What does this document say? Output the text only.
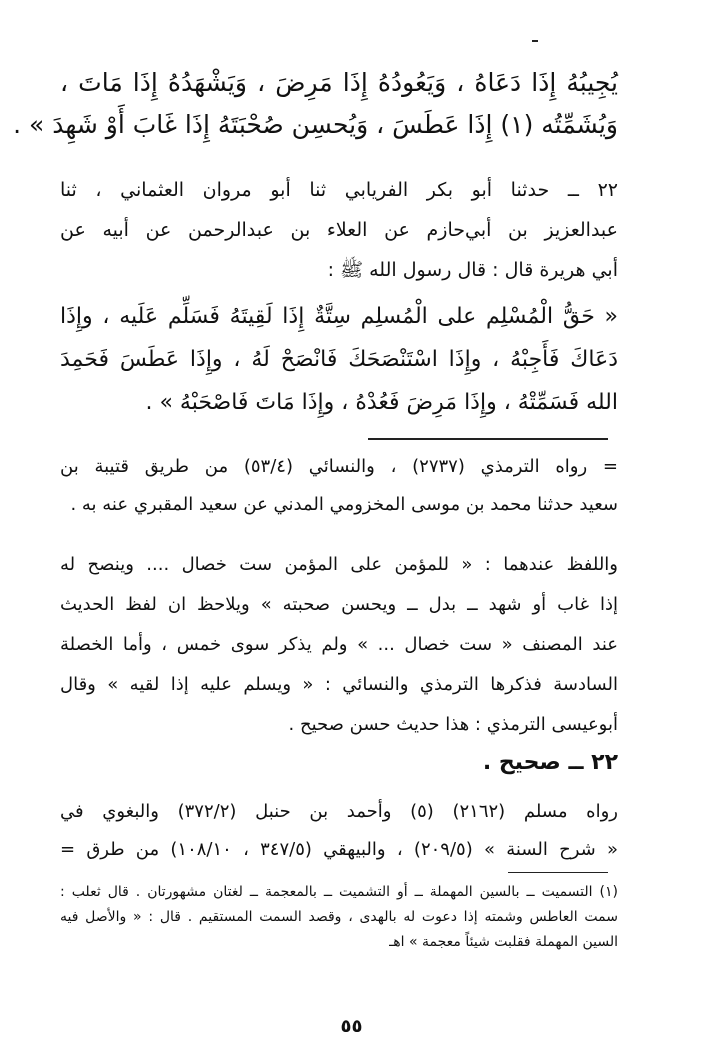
يُجِيبُهُ إِذَا دَعَاهُ ، وَيَعُودُهُ إِذَا مَرِضَ ، وَيَشْهَدُهُ إِذَا مَاتَ ،
وَيُشَمِّتُه (١) إِذَا عَطَسَ ، وَيُحسِن صُحْبَتَهُ إِذَا غَابَ أَوْ شَهِدَ » .
٢٢ ــ حدثنا أبو بكر الفريابي ثنا أبو مروان العثماني ، ثنا
عبدالعزيز بن أبي‌حازم عن العلاء بن عبدالرحمن عن أبيه عن
أبي هريرة قال : قال رسول الله ﷺ :
« حَقُّ الْمُسْلِم على الْمُسلِم سِتَّةٌ إِذَا لَقِيتَهُ فَسَلِّم عَلَيه ، وإِذَا
دَعَاكَ فَأَجِبْهُ ، وإِذَا اسْتَنْصَحَكَ فَانْصَحْ لَهُ ، وإِذَا عَطَسَ فَحَمِدَ
الله فَسَمِّتْهُ ، وإِذَا مَرِضَ فَعُدْهُ ، وإِذَا مَاتَ فَاصْحَبْهُ » .
= رواه الترمذي (٢٧٣٧) ، والنسائي (٥٣/٤) من طريق قتيبة بن
سعيد حدثنا محمد بن موسى المخزومي المدني عن سعيد المقبري عنه به .
واللفظ عندهما : « للمؤمن على المؤمن ست خصال .... وينصح له
إذا غاب أو شهد ــ بدل ــ ويحسن صحبته » ويلاحظ ان لفظ الحديث
عند المصنف « ست خصال ... » ولم يذكر سوى خمس ، وأما الخصلة
السادسة فذكرها الترمذي والنسائي : « ويسلم عليه إذا لقيه » وقال
أبوعيسى الترمذي : هذا حديث حسن صحيح .
٢٢ ــ صحيح .
رواه مسلم (٢١٦٢) (٥) وأحمد بن حنبل (٣٧٢/٢) والبغوي في
« شرح السنة » (٢٠٩/٥) ، والبيهقي (٣٤٧/٥ ، ١٠٨/١٠) من طرق =
(١) التسميت ــ بالسين المهملة ــ أو التشميت ــ بالمعجمة ــ لغتان مشهورتان . قال ثعلب :
سمت العاطس وشمته إذا دعوت له بالهدى ، وقصد السمت المستقيم . قال : « والأصل فيه
السين المهملة فقلبت شيئاً معجمة » اهـ
٥٥
